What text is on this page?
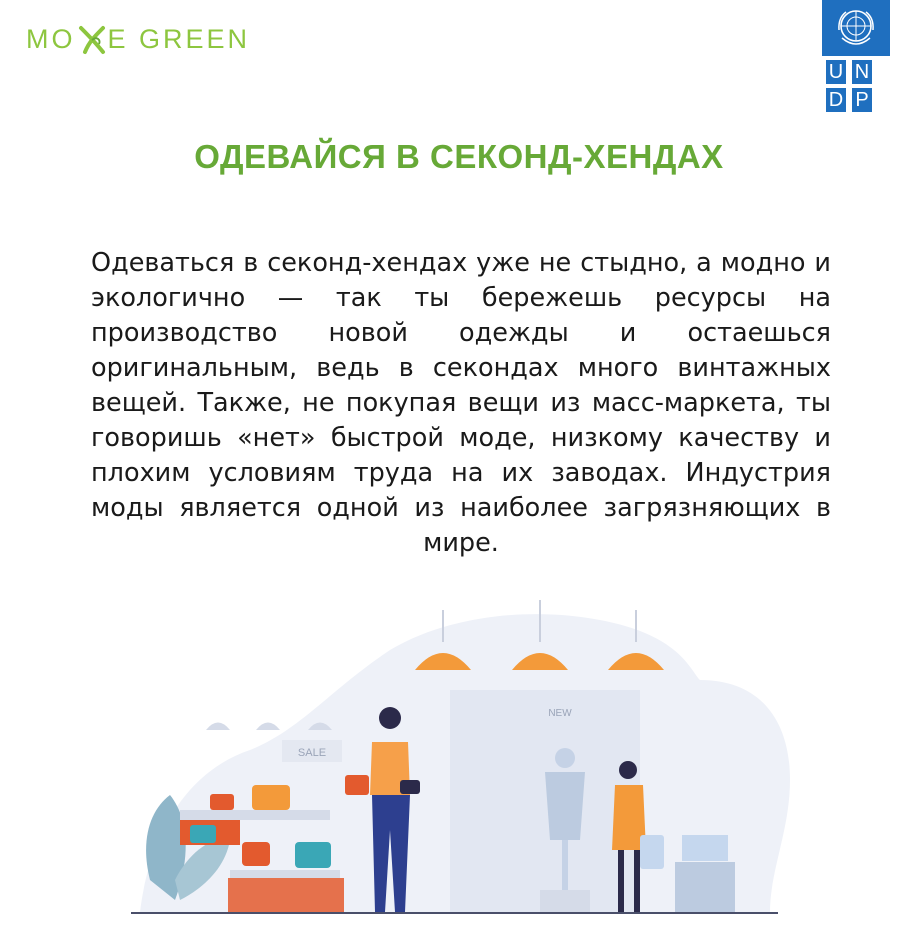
MO E GREEN
U N
D P
ОДЕВАЙСЯ В СЕКОНД-ХЕНДАХ
Одеваться в секонд-хендах уже не стыдно, а модно и экологично — так ты бережешь ресурсы на производство новой одежды и остаешься оригинальным, ведь в секондах много винтажных вещей. Также, не покупая вещи из масс-маркета, ты говоришь «нет» быстрой моде, низкому качеству и плохим условиям труда на их заводах. Индустрия моды является одной из наиболее загрязняющих в мире.
SALE
NEW
